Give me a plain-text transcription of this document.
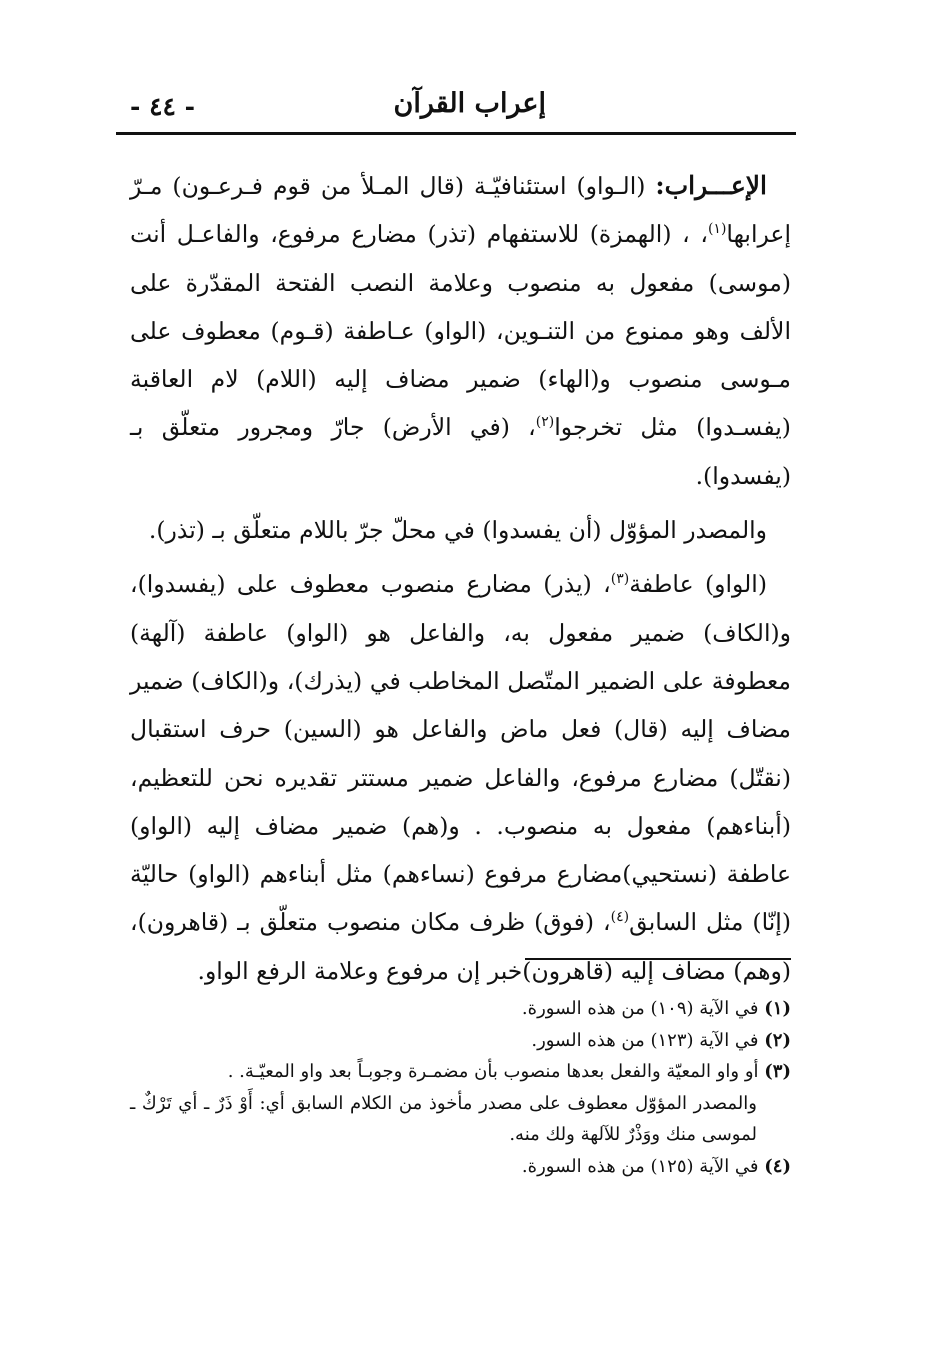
إعراب القرآن
- ٤٤ -

الإعـــراب: (الـواو) استئنافيّـة (قال المـلأ من قوم فـرعـون) مـرّ إعرابها$^{(١)}$، ، (الهمزة) للاستفهام (تذر) مضارع مرفوع، والفاعـل أنت (موسى) مفعول به منصوب وعلامة النصب الفتحة المقدّرة على الألف وهو ممنوع من التنـوين، (الواو) عـاطفة (قـوم) معطوف على مـوسى منصوب و(الهاء) ضمير مضاف إليه (اللام) لام العاقبة (يفسـدوا) مثل تخرجوا$^{(٢)}$، (في الأرض) جارّ ومجرور متعلّق بـ (يفسدوا).

والمصدر المؤوّل (أن يفسدوا) في محلّ جرّ باللام متعلّق بـ (تذر).

(الواو) عاطفة$^{(٣)}$، (يذر) مضارع منصوب معطوف على (يفسدوا)، و(الكاف) ضمير مفعول به، والفاعل هو (الواو) عاطفة (آلهة) معطوفة على الضمير المتّصل المخاطب في (يذرك)، و(الكاف) ضمير مضاف إليه (قال) فعل ماض والفاعل هو (السين) حرف استقبال (نقتّل) مضارع مرفوع، والفاعل ضمير مستتر تقديره نحن للتعظيم، (أبناءهم) مفعول به منصوب. . و(هم) ضمير مضاف إليه (الواو) عاطفة (نستحيي)مضارع مرفوع (نساءهم) مثل أبناءهم (الواو) حاليّة (إنّا) مثل السابق$^{(٤)}$، (فوق) ظرف مكان منصوب متعلّق بـ (قاهرون)، (وهم) مضاف إليه (قاهرون)خبر إن مرفوع وعلامة الرفع الواو.

(١) في الآية (١٠٩) من هذه السورة.

(٢) في الآية (١٢٣) من هذه السور.

(٣) أو واو المعيّة والفعل بعدها منصوب بأن مضمـرة وجوبـاً بعد واو المعيّـة. .
والمصدر المؤوّل معطوف على مصدر مأخوذ من الكلام السابق أي: أَوْ ذَرٌ ـ أي تَرْكٌ ـ لموسى منك ووَذْرٌ للآلهة ولك منه.

(٤) في الآية (١٢٥) من هذه السورة.
